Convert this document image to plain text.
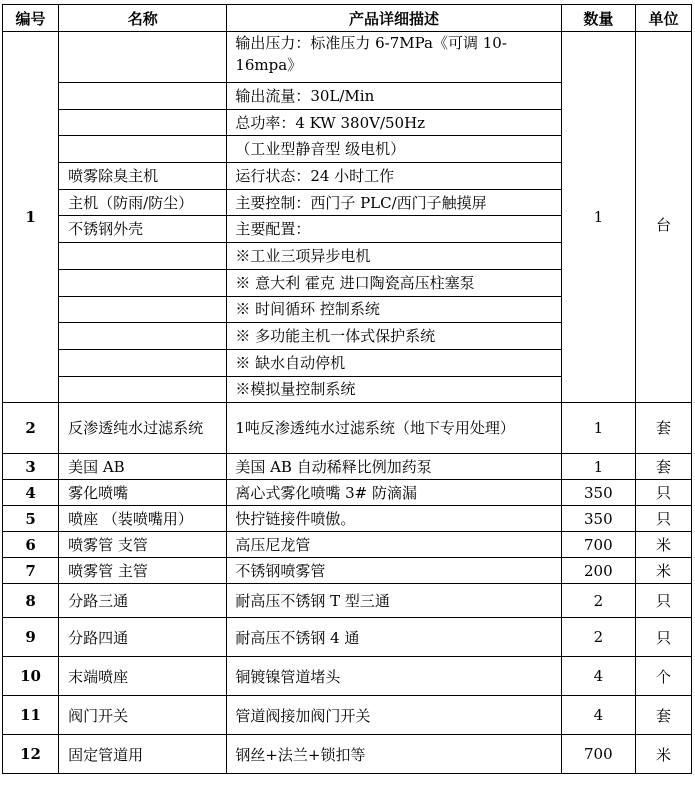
编号	名称	产品详细描述	数量	单位
1		输出压力：标准压力 6-7MPa《可调 10-16mpa》	1	台
		输出流量：30L/Min		
		总功率：4 KW 380V/50Hz		
		（工业型静音型 级电机）		
	喷雾除臭主机	运行状态：24 小时工作		
	主机（防雨/防尘）	主要控制：西门子 PLC/西门子触摸屏		
	不锈钢外壳	主要配置：		
		※工业三项异步电机		
		※ 意大利 霍克 进口陶瓷高压柱塞泵		
		※ 时间循环 控制系统		
		※ 多功能主机一体式保护系统		
		※ 缺水自动停机		
		※模拟量控制系统		
2	反渗透纯水过滤系统	1吨反渗透纯水过滤系统（地下专用处理）	1	套
3	美国 AB	美国 AB 自动稀释比例加药泵	1	套
4	雾化喷嘴	离心式雾化喷嘴 3# 防滴漏	350	只
5	喷座 （装喷嘴用）	快拧链接件喷傲。	350	只
6	喷雾管 支管	高压尼龙管	700	米
7	喷雾管 主管	不锈钢喷雾管	200	米
8	分路三通	耐高压不锈钢 T 型三通	2	只
9	分路四通	耐高压不锈钢 4 通	2	只
10	末端喷座	铜镀镍管道堵头	4	个
11	阀门开关	管道阀接加阀门开关	4	套
12	固定管道用	钢丝+法兰+锁扣等	700	米
